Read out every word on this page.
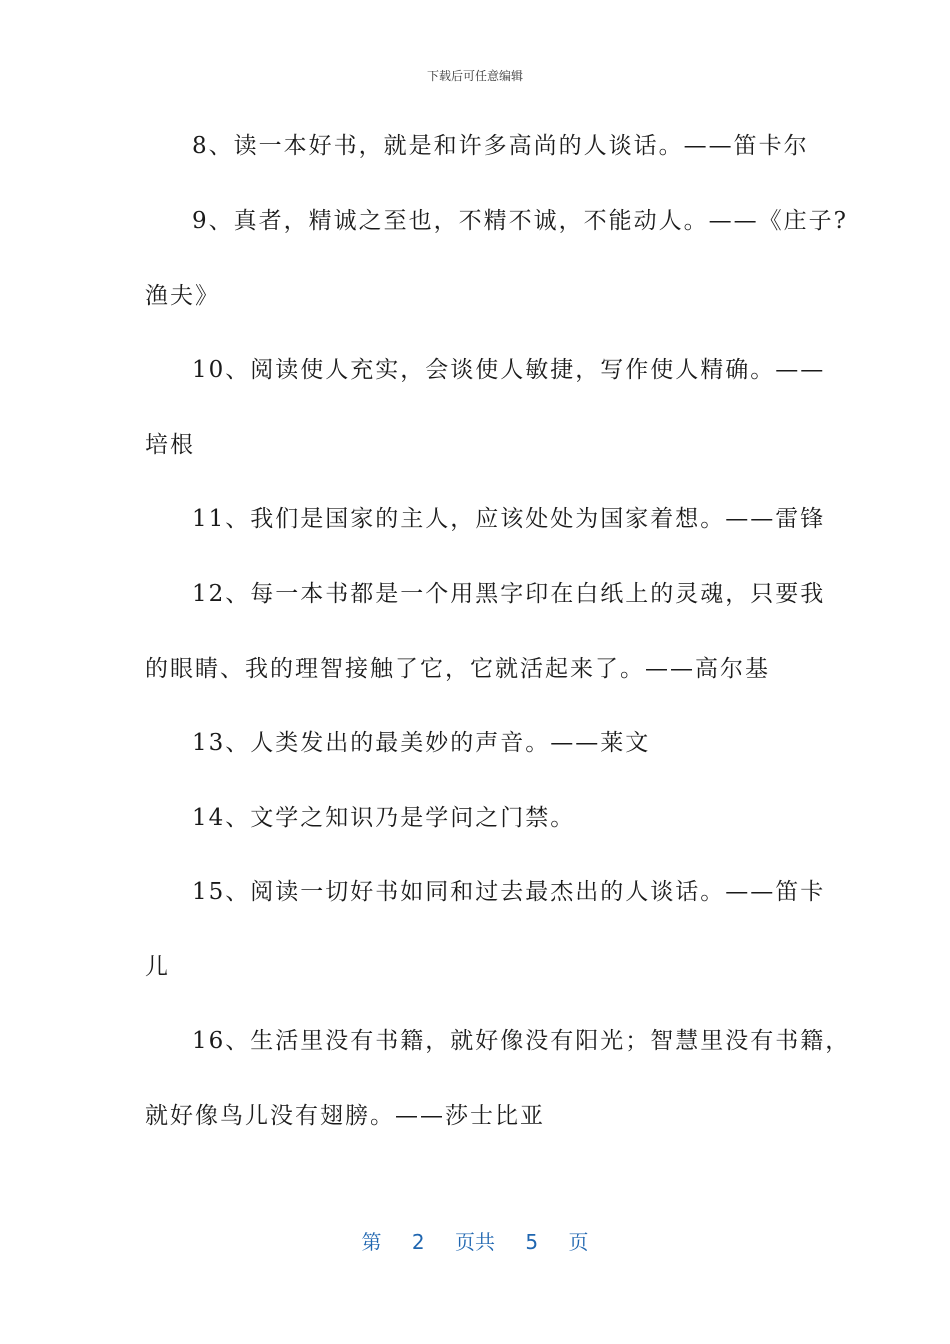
下载后可任意编辑
8、读一本好书，就是和许多高尚的人谈话。——笛卡尔
9、真者，精诚之至也，不精不诚，不能动人。——《庄子?
渔夫》
10、阅读使人充实，会谈使人敏捷，写作使人精确。——
培根
11、我们是国家的主人，应该处处为国家着想。——雷锋
12、每一本书都是一个用黑字印在白纸上的灵魂，只要我
的眼睛、我的理智接触了它，它就活起来了。——高尔基
13、人类发出的最美妙的声音。——莱文
14、文学之知识乃是学问之门禁。
15、阅读一切好书如同和过去最杰出的人谈话。——笛卡
儿
16、生活里没有书籍，就好像没有阳光；智慧里没有书籍，
就好像鸟儿没有翅膀。——莎士比亚
第 2 页共 5 页
